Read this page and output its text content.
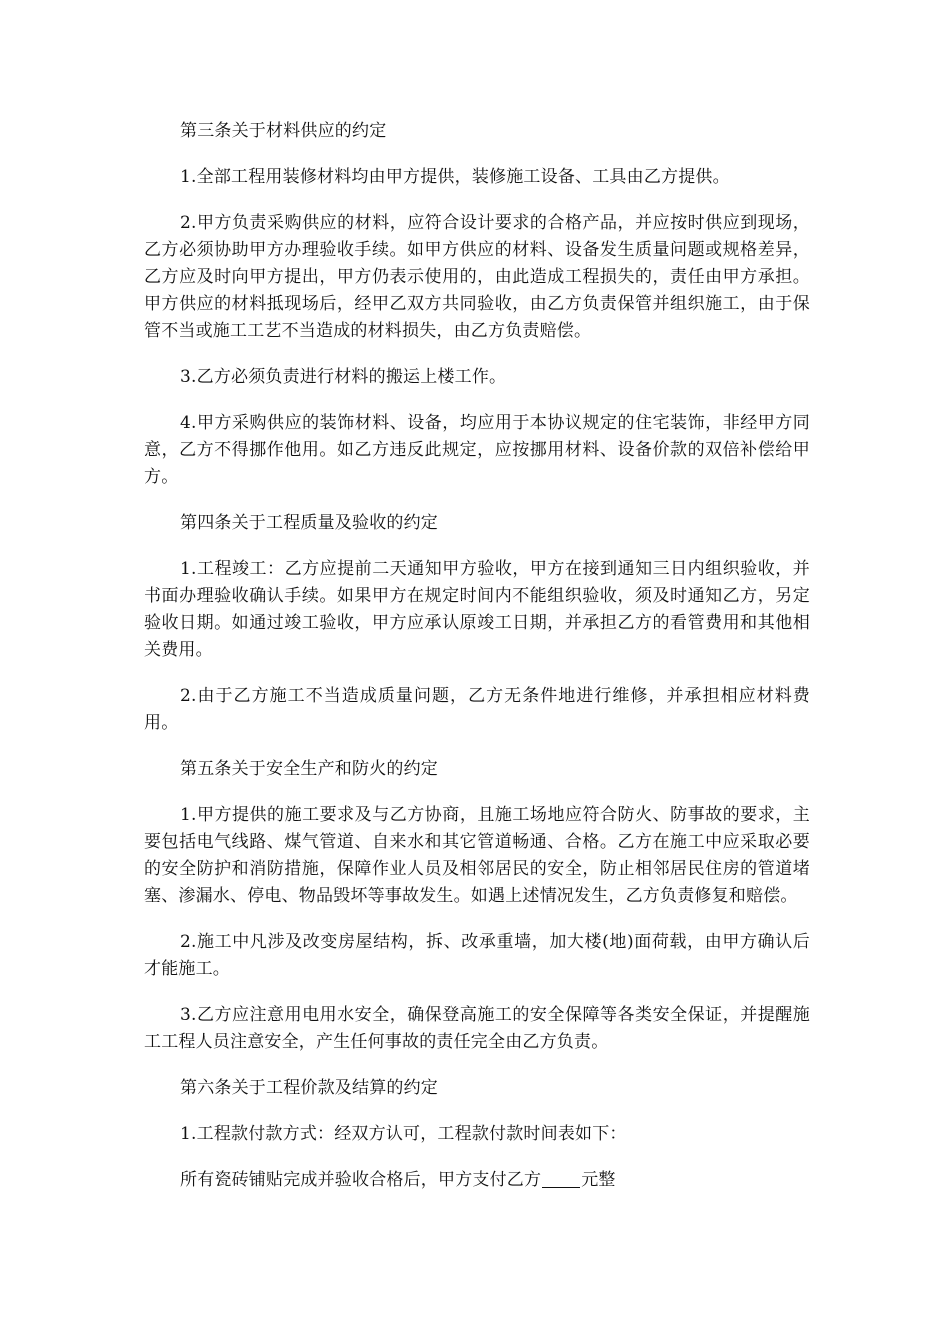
第三条关于材料供应的约定

1.全部工程用装修材料均由甲方提供，装修施工设备、工具由乙方提供。

2.甲方负责采购供应的材料，应符合设计要求的合格产品，并应按时供应到现场，乙方必须协助甲方办理验收手续。如甲方供应的材料、设备发生质量问题或规格差异，乙方应及时向甲方提出，甲方仍表示使用的，由此造成工程损失的，责任由甲方承担。甲方供应的材料抵现场后，经甲乙双方共同验收，由乙方负责保管并组织施工，由于保管不当或施工工艺不当造成的材料损失，由乙方负责赔偿。

3.乙方必须负责进行材料的搬运上楼工作。

4.甲方采购供应的装饰材料、设备，均应用于本协议规定的住宅装饰，非经甲方同意，乙方不得挪作他用。如乙方违反此规定，应按挪用材料、设备价款的双倍补偿给甲方。

第四条关于工程质量及验收的约定

1.工程竣工：乙方应提前二天通知甲方验收，甲方在接到通知三日内组织验收，并书面办理验收确认手续。如果甲方在规定时间内不能组织验收，须及时通知乙方，另定验收日期。如通过竣工验收，甲方应承认原竣工日期，并承担乙方的看管费用和其他相关费用。

2.由于乙方施工不当造成质量问题，乙方无条件地进行维修，并承担相应材料费用。

第五条关于安全生产和防火的约定

1.甲方提供的施工要求及与乙方协商，且施工场地应符合防火、防事故的要求，主要包括电气线路、煤气管道、自来水和其它管道畅通、合格。乙方在施工中应采取必要的安全防护和消防措施，保障作业人员及相邻居民的安全，防止相邻居民住房的管道堵塞、渗漏水、停电、物品毁坏等事故发生。如遇上述情况发生，乙方负责修复和赔偿。

2.施工中凡涉及改变房屋结构，拆、改承重墙，加大楼(地)面荷载，由甲方确认后才能施工。

3.乙方应注意用电用水安全，确保登高施工的安全保障等各类安全保证，并提醒施工工程人员注意安全，产生任何事故的责任完全由乙方负责。

第六条关于工程价款及结算的约定

1.工程款付款方式：经双方认可，工程款付款时间表如下：

所有瓷砖铺贴完成并验收合格后，甲方支付乙方 元整
